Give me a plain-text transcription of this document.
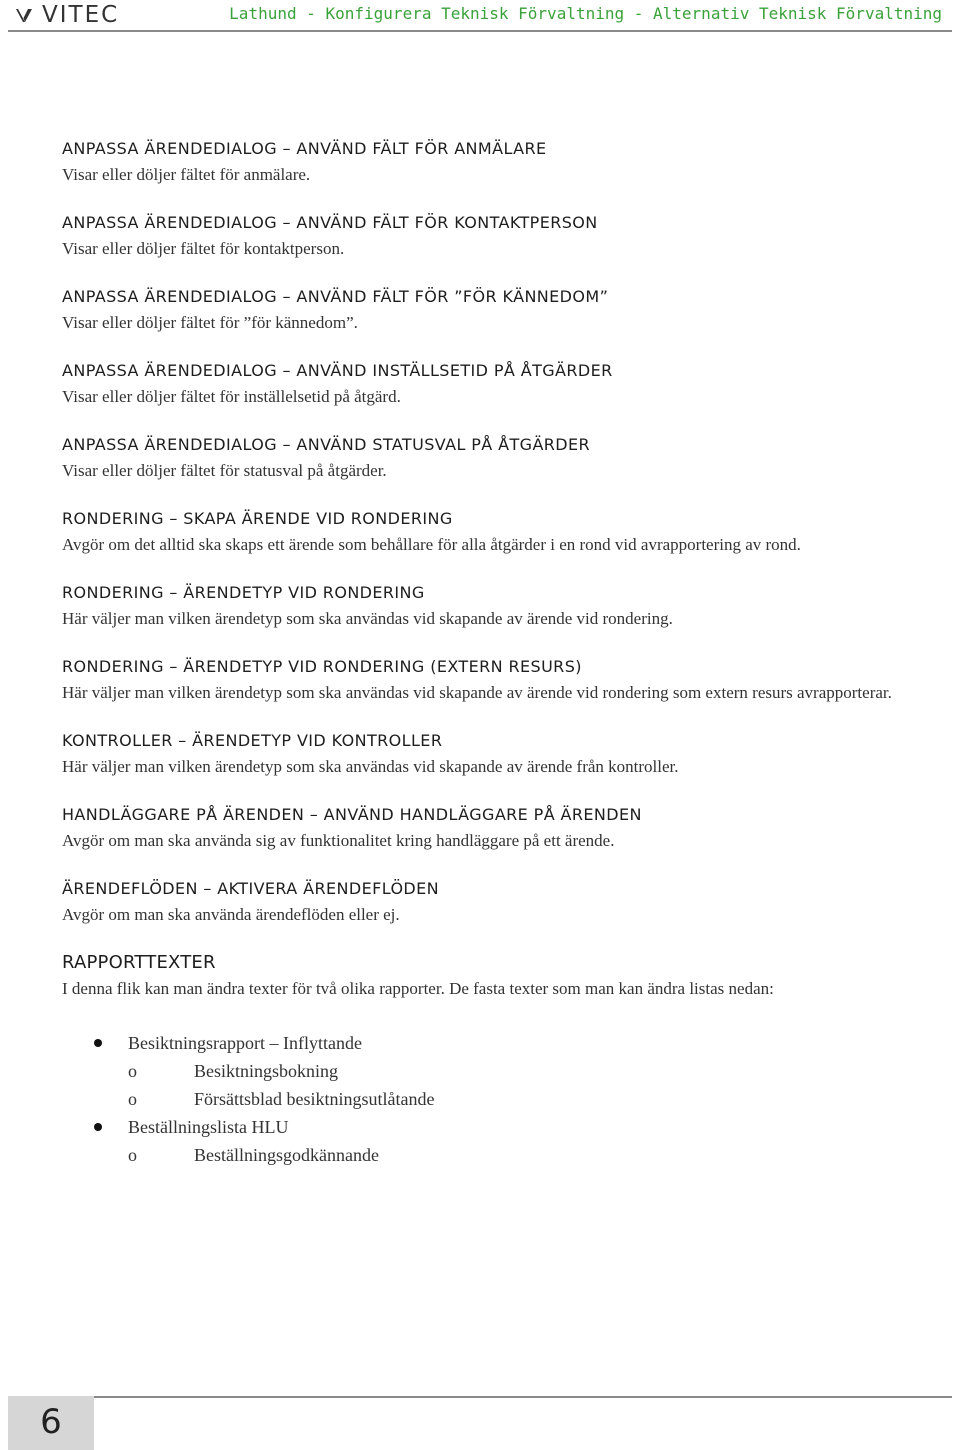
VITEC	Lathund - Konfigurera Teknisk Förvaltning - Alternativ Teknisk Förvaltning
ANPASSA ÄRENDEDIALOG – ANVÄND FÄLT FÖR ANMÄLARE
Visar eller döljer fältet för anmälare.
ANPASSA ÄRENDEDIALOG – ANVÄND FÄLT FÖR KONTAKTPERSON
Visar eller döljer fältet för kontaktperson.
ANPASSA ÄRENDEDIALOG – ANVÄND FÄLT FÖR ”FÖR KÄNNEDOM”
Visar eller döljer fältet för ”för kännedom”.
ANPASSA ÄRENDEDIALOG – ANVÄND INSTÄLLSETID PÅ ÅTGÄRDER
Visar eller döljer fältet för inställelsetid på åtgärd.
ANPASSA ÄRENDEDIALOG – ANVÄND STATUSVAL PÅ ÅTGÄRDER
Visar eller döljer fältet för statusval på åtgärder.
RONDERING – SKAPA ÄRENDE VID RONDERING
Avgör om det alltid ska skaps ett ärende som behållare för alla åtgärder i en rond vid avrapportering av rond.
RONDERING – ÄRENDETYP VID RONDERING
Här väljer man vilken ärendetyp som ska användas vid skapande av ärende vid rondering.
RONDERING – ÄRENDETYP VID RONDERING (EXTERN RESURS)
Här väljer man vilken ärendetyp som ska användas vid skapande av ärende vid rondering som extern resurs avrapporterar.
KONTROLLER – ÄRENDETYP VID KONTROLLER
Här väljer man vilken ärendetyp som ska användas vid skapande av ärende från kontroller.
HANDLÄGGARE PÅ ÄRENDEN – ANVÄND HANDLÄGGARE PÅ ÄRENDEN
Avgör om man ska använda sig av funktionalitet kring handläggare på ett ärende.
ÄRENDEFLÖDEN – AKTIVERA ÄRENDEFLÖDEN
Avgör om man ska använda ärendeflöden eller ej.
RAPPORTTEXTER
I denna flik kan man ändra texter för två olika rapporter. De fasta texter som man kan ändra listas nedan:
Besiktningsrapport – Inflyttande
o	Besiktningsbokning
o	Försättsblad besiktningsutlåtande
Beställningslista HLU
o	Beställningsgodkännande
6
